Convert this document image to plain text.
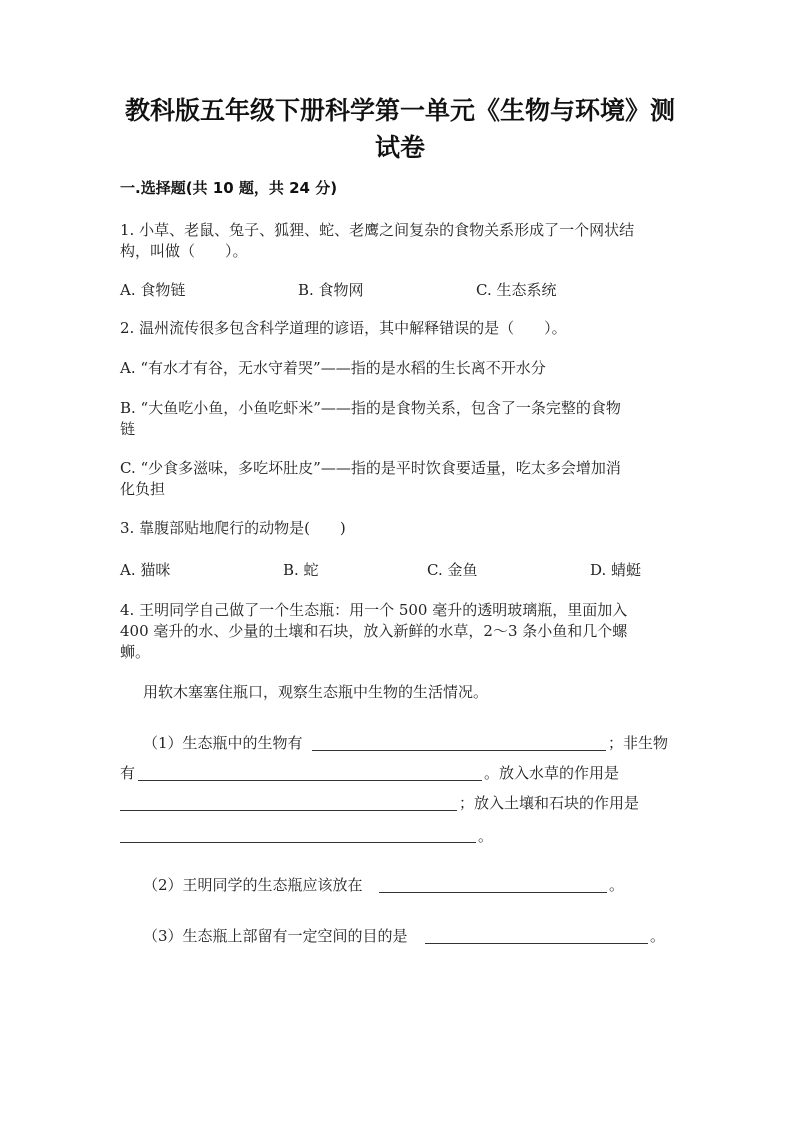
教科版五年级下册科学第一单元《生物与环境》测
试卷
一.选择题(共 10 题，共 24 分)
1. 小草、老鼠、兔子、狐狸、蛇、老鹰之间复杂的食物关系形成了一个网状结
构，叫做（　　）。
A. 食物链	B. 食物网	C. 生态系统
2. 温州流传很多包含科学道理的谚语，其中解释错误的是（　　）。
A. “有水才有谷，无水守着哭”——指的是水稻的生长离不开水分
B. “大鱼吃小鱼，小鱼吃虾米”——指的是食物关系，包含了一条完整的食物
链
C. “少食多滋味，多吃坏肚皮”——指的是平时饮食要适量，吃太多会增加消
化负担
3. 靠腹部贴地爬行的动物是(　　)
A. 猫咪	B. 蛇	C. 金鱼	D. 蜻蜓
4. 王明同学自己做了一个生态瓶：用一个 500 毫升的透明玻璃瓶，里面加入
400 毫升的水、少量的土壤和石块，放入新鲜的水草，2～3 条小鱼和几个螺
蛳。
用软木塞塞住瓶口，观察生态瓶中生物的生活情况。
（1）生态瓶中的生物有	；非生物
有	。放入水草的作用是
；放入土壤和石块的作用是
。
（2）王明同学的生态瓶应该放在	。
（3）生态瓶上部留有一定空间的目的是	。
